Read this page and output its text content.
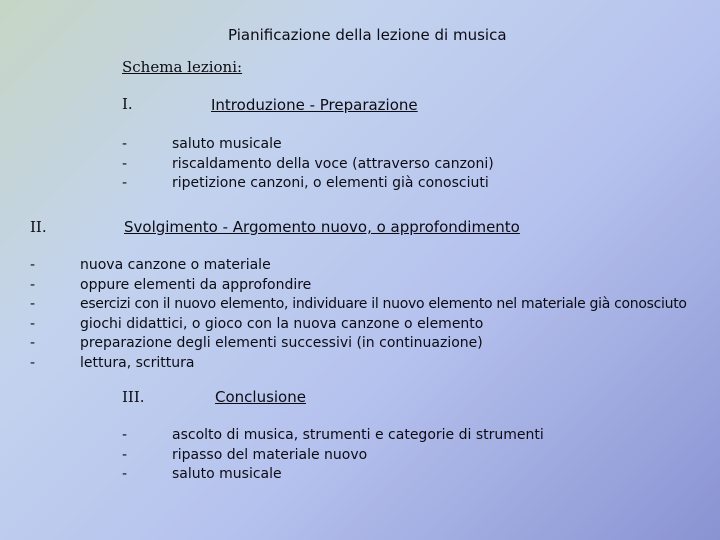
Pianificazione della lezione di musica
Schema lezioni:
I.	Introduzione - Preparazione
-
-
-
saluto musicale
riscaldamento della voce (attraverso canzoni)
ripetizione canzoni, o elementi già conosciuti
II.	Svolgimento - Argomento nuovo, o approfondimento
-
-
-
-
-
-
nuova canzone o materiale
oppure elementi da approfondire
esercizi con il nuovo elemento, individuare il nuovo elemento nel materiale già conosciuto
giochi didattici, o gioco con la nuova canzone o elemento
preparazione degli elementi successivi (in continuazione)
lettura, scrittura
III.	Conclusione
-
-
-
ascolto di musica, strumenti e categorie di strumenti
ripasso del materiale nuovo
saluto musicale
